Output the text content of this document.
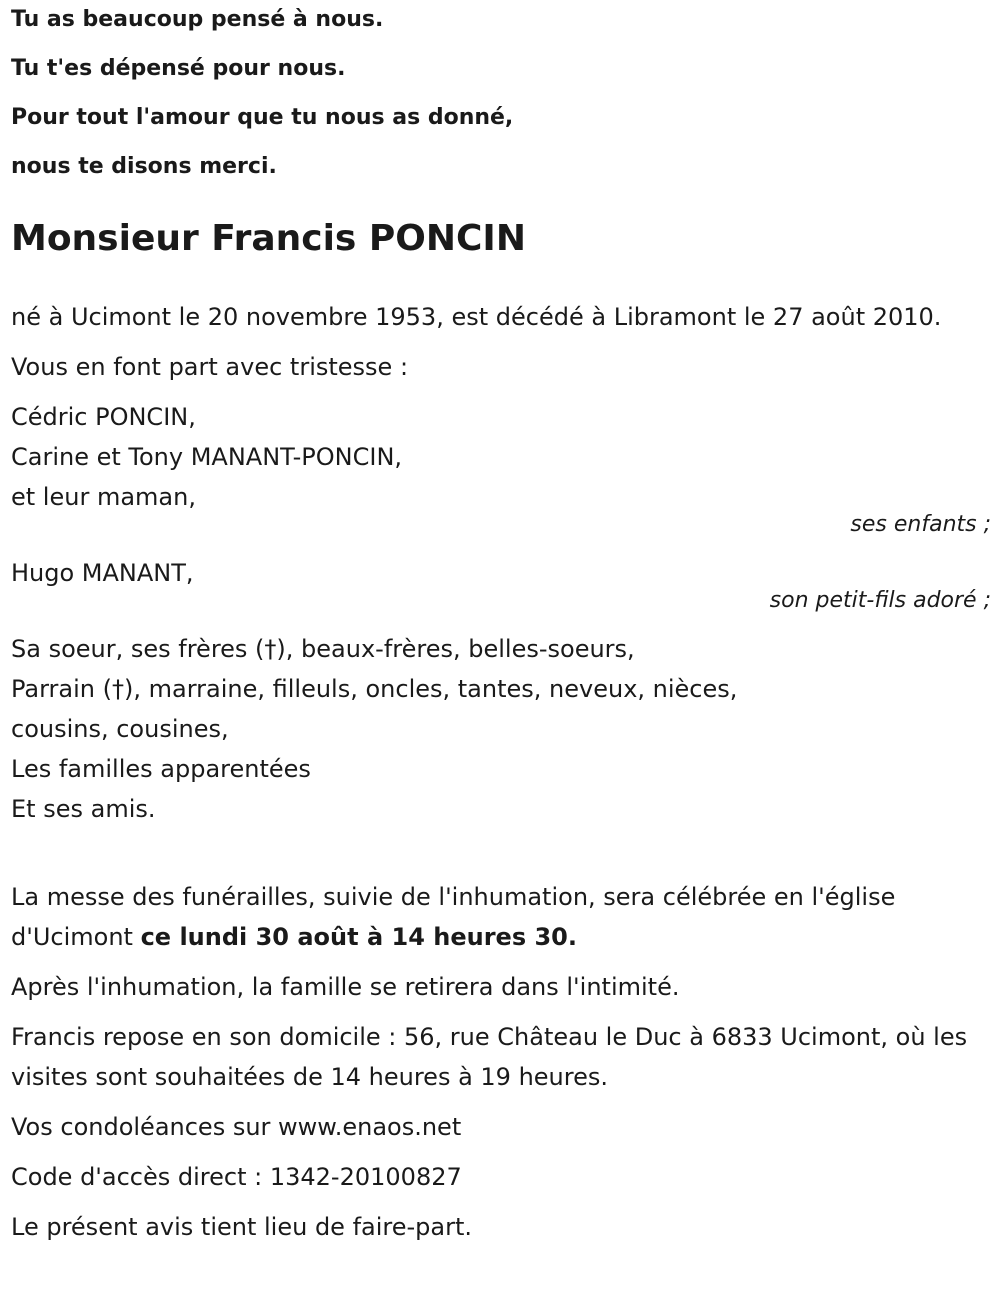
Tu as beaucoup pensé à nous.
Tu t'es dépensé pour nous.
Pour tout l'amour que tu nous as donné,
nous te disons merci.
Monsieur Francis PONCIN
né à Ucimont le 20 novembre 1953, est décédé à Libramont le 27 août 2010.
Vous en font part avec tristesse :
Cédric PONCIN,
Carine et Tony MANANT-PONCIN,
et leur maman,
ses enfants ;
Hugo MANANT,
son petit-fils adoré ;
Sa soeur, ses frères (†), beaux-frères, belles-soeurs,
Parrain (†), marraine, filleuls, oncles, tantes, neveux, nièces,
cousins, cousines,
Les familles apparentées
Et ses amis.
La messe des funérailles, suivie de l'inhumation, sera célébrée en l'église d'Ucimont ce lundi 30 août à 14 heures 30.
Après l'inhumation, la famille se retirera dans l'intimité.
Francis repose en son domicile : 56, rue Château le Duc à 6833 Ucimont, où les visites sont souhaitées de 14 heures à 19 heures.
Vos condoléances sur www.enaos.net
Code d'accès direct : 1342-20100827
Le présent avis tient lieu de faire-part.
